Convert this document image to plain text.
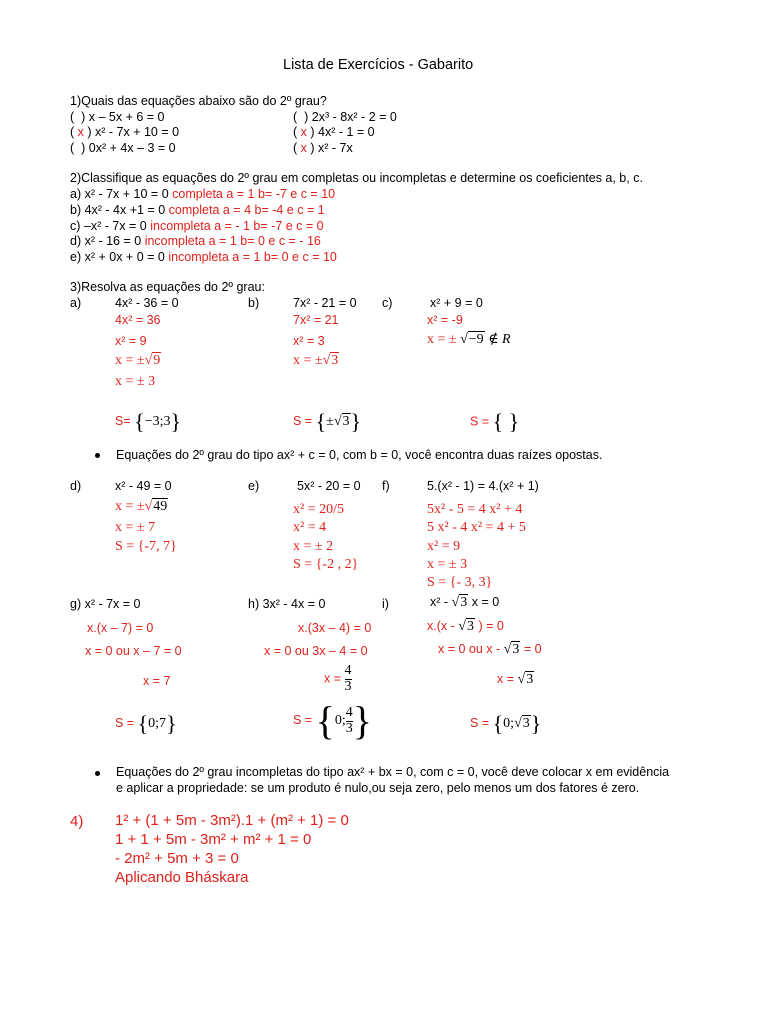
Lista de Exercícios - Gabarito
1)Quais das equações abaixo são do 2º grau?
(  ) x – 5x + 6 = 0
( x ) x² - 7x + 10 = 0
(  ) 0x² + 4x – 3 = 0
(  ) 2x³ - 8x² - 2 = 0
( x ) 4x² - 1 = 0
( x ) x² - 7x
2)Classifique as equações do 2º grau em completas ou incompletas e determine os coeficientes a, b, c.
a) x² - 7x + 10 = 0 completa a = 1 b= -7 e c = 10
b) 4x² - 4x +1 = 0 completa a = 4 b= -4 e c = 1
c) –x² - 7x = 0 incompleta a = - 1 b= -7 e c = 0
d) x² - 16 = 0 incompleta a = 1 b= 0 e c = - 16
e) x² + 0x + 0 = 0 incompleta a = 1 b= 0 e c = 10
3)Resolva as equações do 2º grau:
a)	4x² - 36 = 0
4x² = 36
x² = 9
x = ±√9
x = ± 3
S= {−3;3}
b)	7x² - 21 = 0
7x² = 21
x² = 3
x = ±√3
S = {±√3}
c)	x² + 9 = 0
x² = -9
x = ± √−9 ∉ R
S = { }
Equações do 2º grau do tipo ax² + c = 0, com b = 0, você encontra duas raízes opostas.
d)	x² - 49 = 0
x = ±√49
x = ± 7
S = {-7, 7}
e)	5x² - 20 = 0
x² = 20/5
x² = 4
x = ± 2
S = {-2 , 2}
f)	5.(x² - 1) = 4.(x² + 1)
5x² - 5 = 4 x² + 4
5 x² - 4 x² = 4 + 5
x² = 9
x = ± 3
S = {- 3, 3}
g) x² - 7x = 0
x.(x – 7) = 0
x = 0 ou x – 7 = 0
x = 7
S = {0;7}
h) 3x² - 4x = 0
x.(3x – 4) = 0
x = 0 ou 3x – 4 = 0
$x = \frac{4}{3}$
S = {0; $\frac{4}{3}$ }
i)	x² - √3 x = 0
x.(x - √3 ) = 0
x = 0 ou x - √3 = 0
x = √3
S = {0;√3}
Equações do 2º grau incompletas do tipo ax² + bx = 0, com c = 0, você deve colocar x em evidência
e aplicar a propriedade: se um produto é nulo,ou seja zero, pelo menos um dos fatores é zero.
4) 1² + (1 + 5m - 3m²).1 + (m² + 1) = 0
1 + 1 + 5m - 3m² + m² + 1 = 0
- 2m² + 5m + 3 = 0
Aplicando Bháskara
